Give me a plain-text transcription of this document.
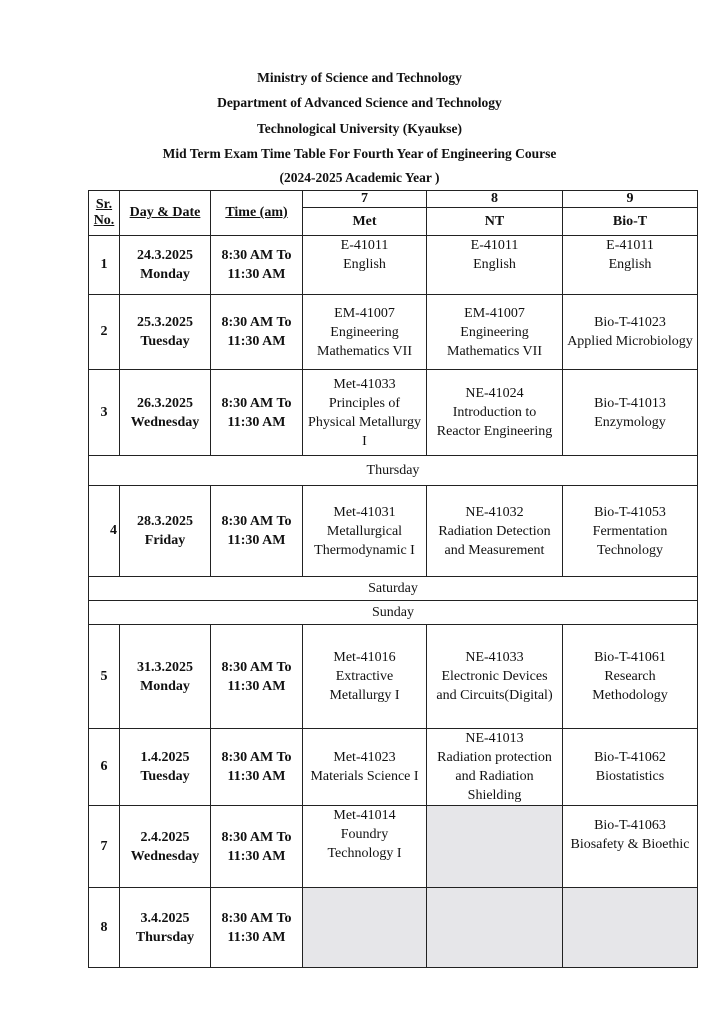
Ministry of Science and Technology
Department of Advanced Science and Technology
Technological University (Kyaukse)
Mid Term Exam Time Table For Fourth Year of Engineering Course
(2024-2025 Academic Year )
Sr.
No.	Day & Date	Time (am)	7	8	9
			Met	NT	Bio-T
1	24.3.2025
Monday	8:30 AM To
11:30 AM	E-41011
English	E-41011
English	E-41011
English

2	25.3.2025
Tuesday	8:30 AM To
11:30 AM	EM-41007
Engineering
Mathematics VII	EM-41007
Engineering
Mathematics VII	Bio-T-41023
Applied Microbiology

3	26.3.2025
Wednesday	8:30 AM To
11:30 AM	Met-41033
Principles of
Physical Metallurgy
I	NE-41024
Introduction to
Reactor Engineering	Bio-T-41013
Enzymology

Thursday					
4	28.3.2025
Friday	8:30 AM To
11:30 AM	Met-41031
Metallurgical
Thermodynamic I	NE-41032
Radiation Detection
and Measurement	Bio-T-41053
Fermentation
Technology

Saturday					
Sunday					
5	31.3.2025
Monday	8:30 AM To
11:30 AM	Met-41016
Extractive
Metallurgy I	NE-41033
Electronic Devices
and Circuits(Digital)	Bio-T-41061
Research
Methodology

6	1.4.2025
Tuesday	8:30 AM To
11:30 AM	Met-41023
Materials Science I	NE-41013
Radiation protection
and Radiation
Shielding	Bio-T-41062
Biostatistics

7	2.4.2025
Wednesday	8:30 AM To
11:30 AM	Met-41014
Foundry
Technology I		Bio-T-41063
Biosafety & Bioethic

8	3.4.2025
Thursday	8:30 AM To
11:30 AM			
